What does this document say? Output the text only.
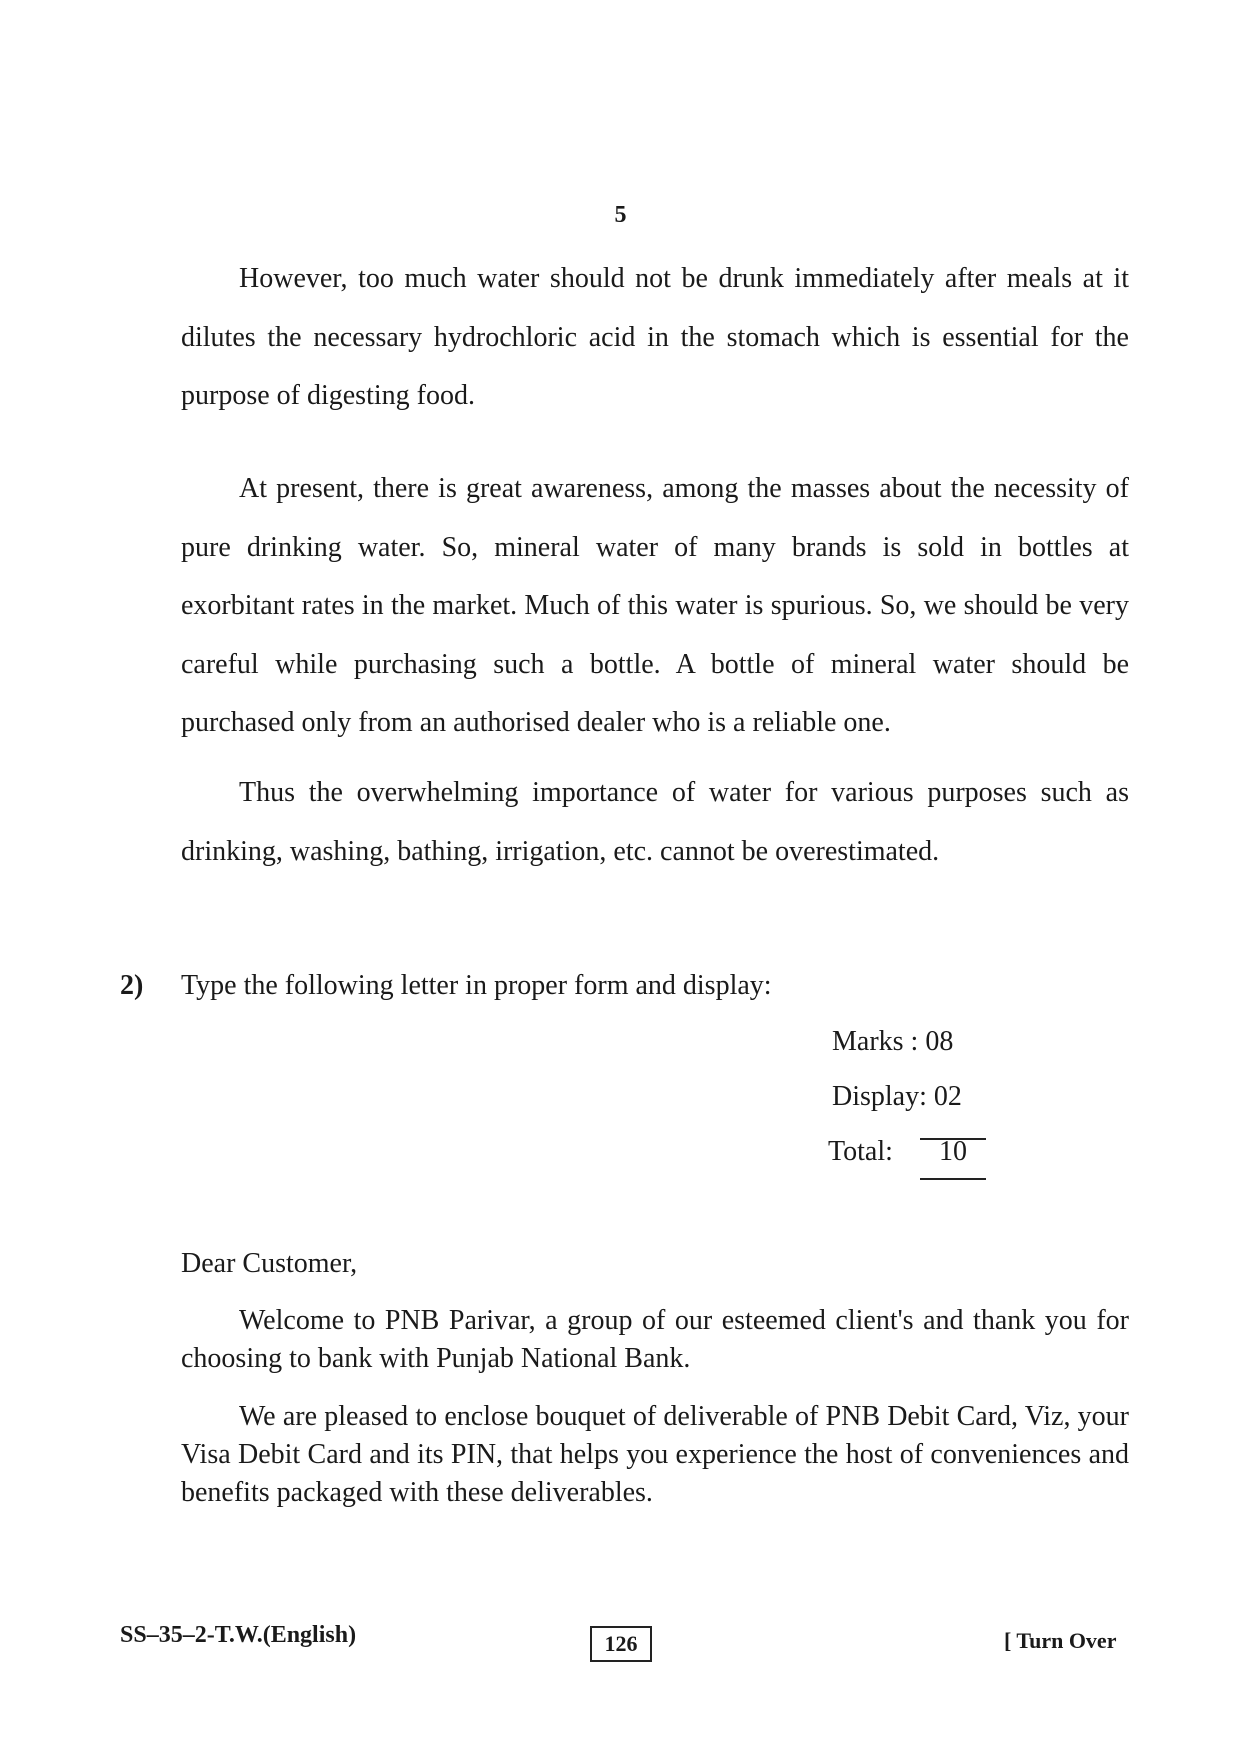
5

However, too much water should not be drunk immediately after meals at it dilutes the necessary hydrochloric acid in the stomach which is essential for the purpose of digesting food.

At present, there is great awareness, among the masses about the necessity of pure drinking water. So, mineral water of many brands is sold in bottles at exorbitant rates in the market. Much of this water is spurious. So, we should be very careful while purchasing such a bottle. A bottle of mineral water should be purchased only from an authorised dealer who is a reliable one.

Thus the overwhelming importance of water for various purposes such as drinking, washing, bathing, irrigation, etc. cannot be overestimated.

2) Type the following letter in proper form and display:
Marks : 08
Display: 02
Total:	10
Dear Customer,

Welcome to PNB Parivar, a group of our esteemed client's and thank you for choosing to bank with Punjab National Bank.

We are pleased to enclose bouquet of deliverable of PNB Debit Card, Viz, your Visa Debit Card and its PIN, that helps you experience the host of conveniences and benefits packaged with these deliverables.

SS–35–2-T.W.(English)	126	[ Turn Over
